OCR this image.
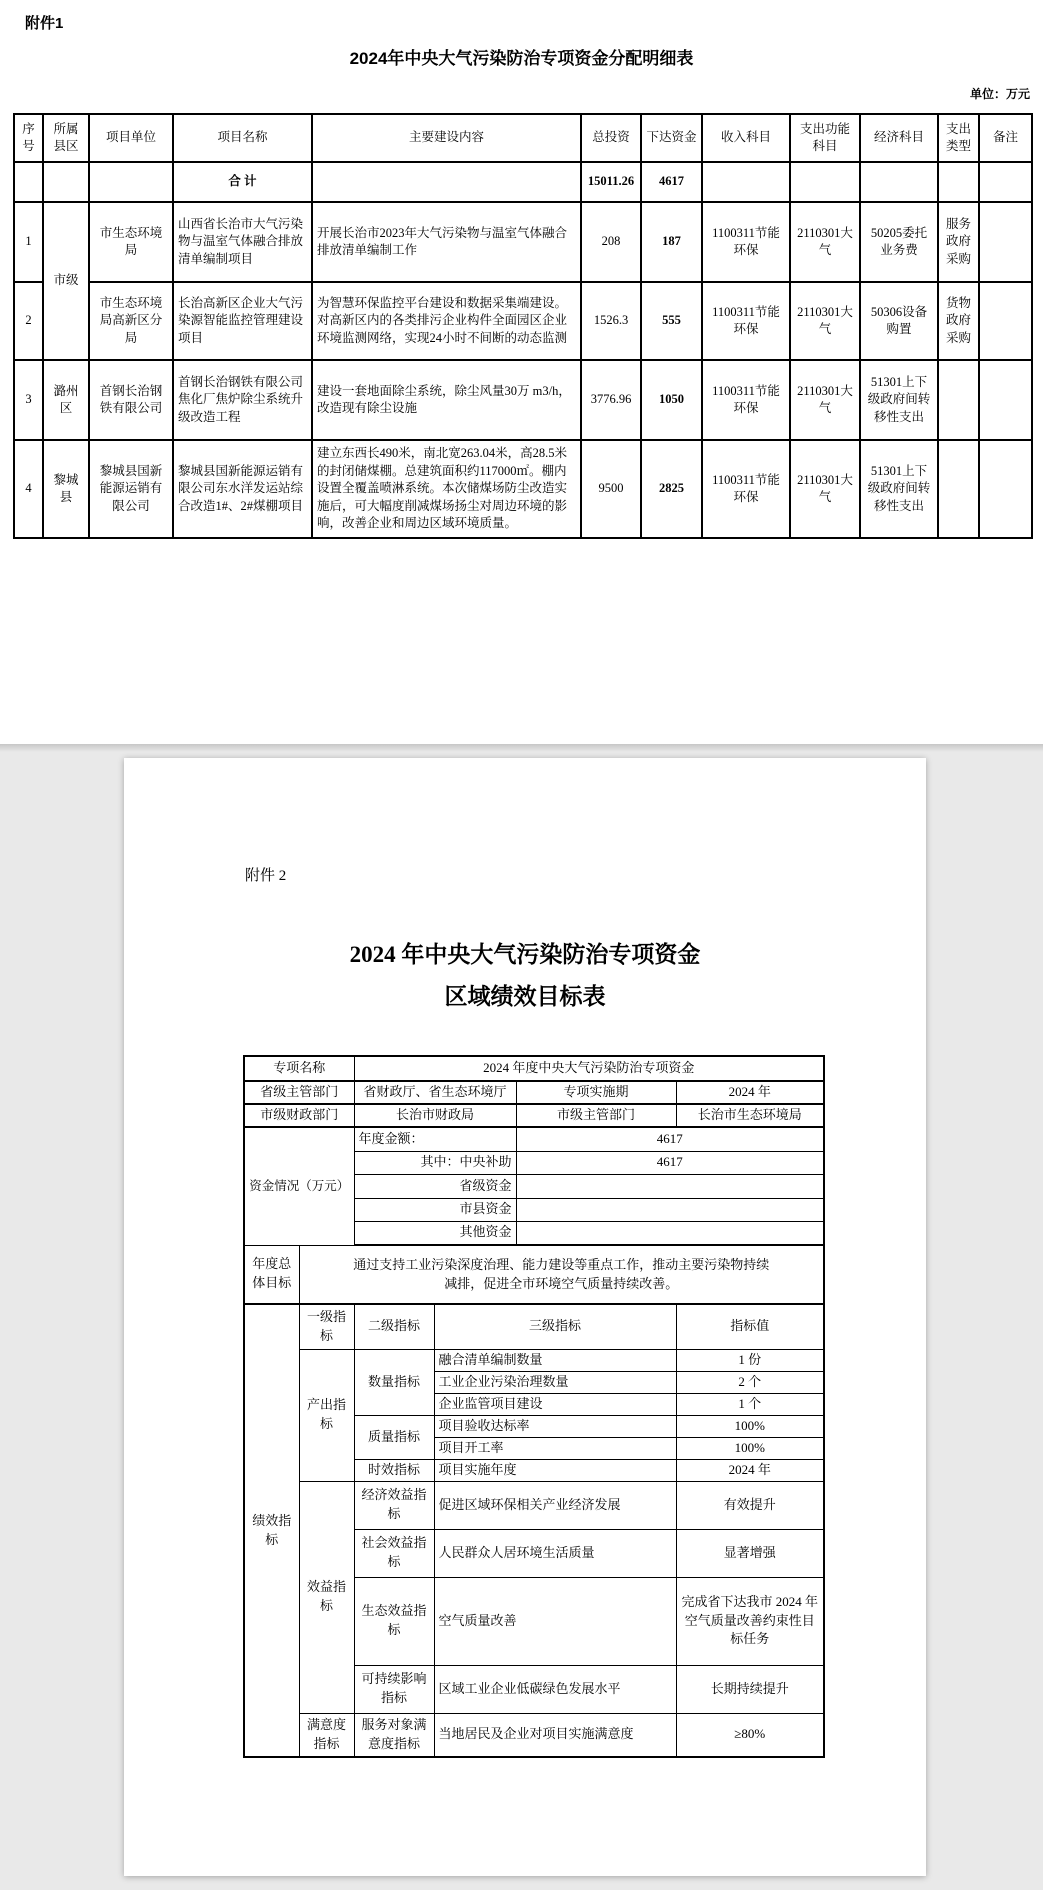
附件1
2024年中央大气污染防治专项资金分配明细表
单位：万元
序号	所属县区	项目单位	项目名称	主要建设内容	总投资	下达资金	收入科目	支出功能科目	经济科目	支出类型	备注
			合 计		15011.26	4617					
1	市级	市生态环境局	山西省长治市大气污染物与温室气体融合排放清单编制项目	开展长治市2023年大气污染物与温室气体融合排放清单编制工作	208	187	1100311节能环保	2110301大气	50205委托业务费	服务政府采购	
2		市生态环境局高新区分局	长治高新区企业大气污染源智能监控管理建设项目	为智慧环保监控平台建设和数据采集端建设。对高新区内的各类排污企业构件全面园区企业环境监测网络，实现24小时不间断的动态监测	1526.3	555	1100311节能环保	2110301大气	50306设备购置	货物政府采购	
3	潞州区	首钢长治钢铁有限公司	首钢长治钢铁有限公司焦化厂焦炉除尘系统升级改造工程	建设一套地面除尘系统，除尘风量30万 m3/h，改造现有除尘设施	3776.96	1050	1100311节能环保	2110301大气	51301上下级政府间转移性支出		
4	黎城县	黎城县国新能源运销有限公司	黎城县国新能源运销有限公司东水洋发运站综合改造1#、2#煤棚项目	建立东西长490米，南北宽263.04米，高28.5米的封闭储煤棚。总建筑面积约117000㎡。棚内设置全覆盖喷淋系统。本次储煤场防尘改造实施后，可大幅度削减煤场扬尘对周边环境的影响，改善企业和周边区域环境质量。	9500	2825	1100311节能环保	2110301大气	51301上下级政府间转移性支出		
附件 2
2024 年中央大气污染防治专项资金
区域绩效目标表
专项名称		2024 年度中央大气污染防治专项资金			
省级主管部门		省财政厅、省生态环境厅		专项实施期	2024 年
市级财政部门		长治市财政局		市级主管部门	长治市生态环境局
资金情况（万元）		年度金额：		4617	
		其中：中央补助		4617	
		省级资金			
		市县资金			
		其他资金			
年度总体目标	通过支持工业污染深度治理、能力建设等重点工作，推动主要污染物持续
减排，促进全市环境空气质量持续改善。				

绩效指标	一级指标	二级指标	三级指标		指标值
	产出指标	数量指标	融合清单编制数量		1 份
			工业企业污染治理数量		2 个
			企业监管项目建设		1 个
		质量指标	项目验收达标率		100%
			项目开工率		100%
		时效指标	项目实施年度		2024 年
	效益指标	经济效益指标	促进区域环保相关产业经济发展		有效提升
		社会效益指标	人民群众人居环境生活质量		显著增强
		生态效益指标	空气质量改善		完成省下达我市 2024 年空气质量改善约束性目标任务
		可持续影响指标	区域工业企业低碳绿色发展水平		长期持续提升
	满意度指标	服务对象满意度指标	当地居民及企业对项目实施满意度		≥80%
